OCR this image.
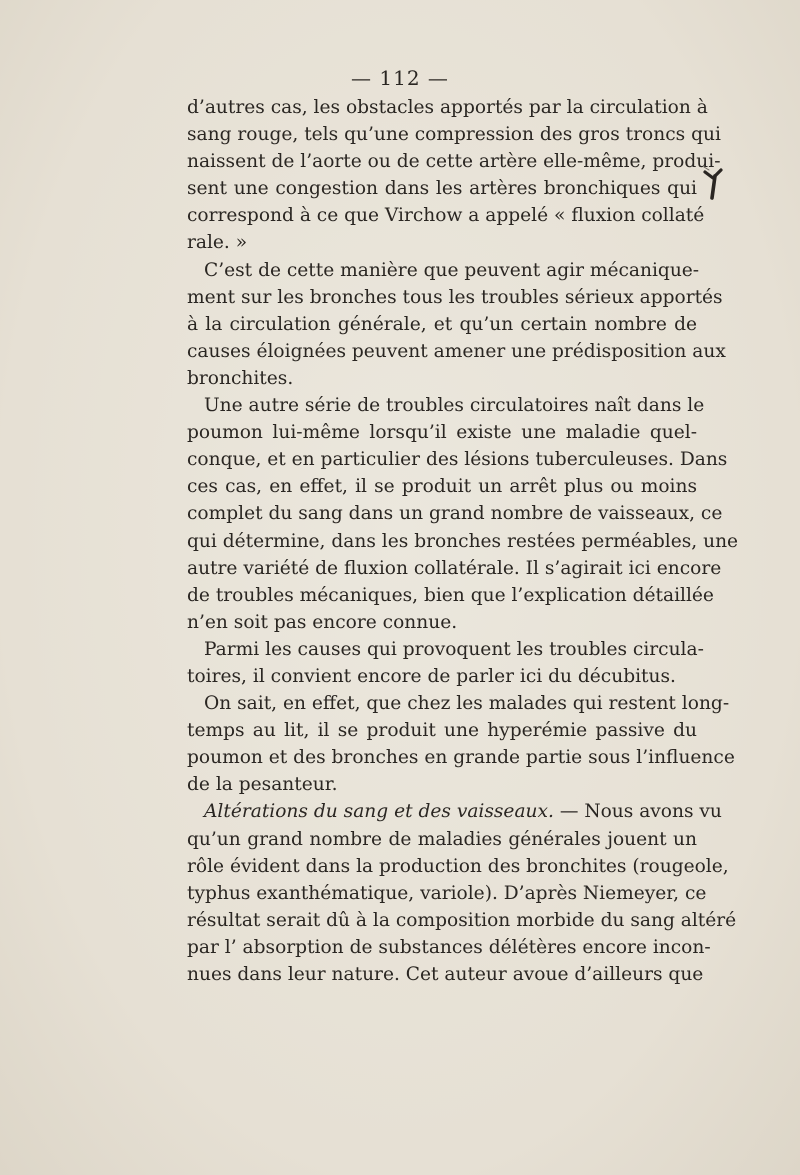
— 112 —
d’autres cas, les obstacles apportés par la circulation à
sang rouge, tels qu’une compression des gros troncs qui
naissent de l’aorte ou de cette artère elle-même, produi-
sent une congestion dans les artères bronchiques qui
correspond à ce que Virchow a appelé « fluxion collaté
rale. »
C’est de cette manière que peuvent agir mécanique-
ment sur les bronches tous les troubles sérieux apportés
à la circulation générale, et qu’un certain nombre de
causes éloignées peuvent amener une prédisposition aux
bronchites.
Une autre série de troubles circulatoires naît dans le
poumon lui-même lorsqu’il existe une maladie quel-
conque, et en particulier des lésions tuberculeuses. Dans
ces cas, en effet, il se produit un arrêt plus ou moins
complet du sang dans un grand nombre de vaisseaux, ce
qui détermine, dans les bronches restées perméables, une
autre variété de fluxion collatérale. Il s’agirait ici encore
de troubles mécaniques, bien que l’explication détaillée
n’en soit pas encore connue.
Parmi les causes qui provoquent les troubles circula-
toires, il convient encore de parler ici du décubitus.
On sait, en effet, que chez les malades qui restent long-
temps au lit, il se produit une hyperémie passive du
poumon et des bronches en grande partie sous l’influence
de la pesanteur.
Altérations du sang et des vaisseaux. — Nous avons vu
qu’un grand nombre de maladies générales jouent un
rôle évident dans la production des bronchites (rougeole,
typhus exanthématique, variole). D’après Niemeyer, ce
résultat serait dû à la composition morbide du sang altéré
par l’ absorption de substances délétères encore incon-
nues dans leur nature. Cet auteur avoue d’ailleurs que
